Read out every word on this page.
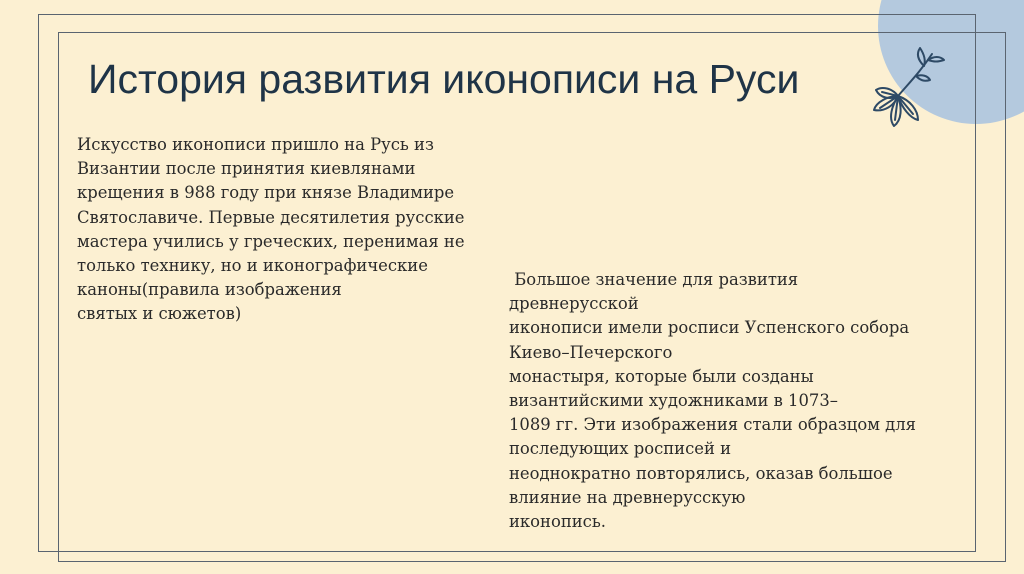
История развития иконописи на Руси
Искусство иконописи пришло на Русь из
Византии после принятия киевлянами
крещения в 988 году при князе Владимире
Святославиче. Первые десятилетия русские
мастера учились у греческих, перенимая не
только технику, но и иконографические
каноны(правила изображения
святых и сюжетов)
Большое значение для развития
древнерусской
иконописи имели росписи Успенского собора
Киево–Печерского
монастыря, которые были созданы
византийскими художниками в 1073–
1089 гг. Эти изображения стали образцом для
последующих росписей и
неоднократно повторялись, оказав большое
влияние на древнерусскую
иконопись.
